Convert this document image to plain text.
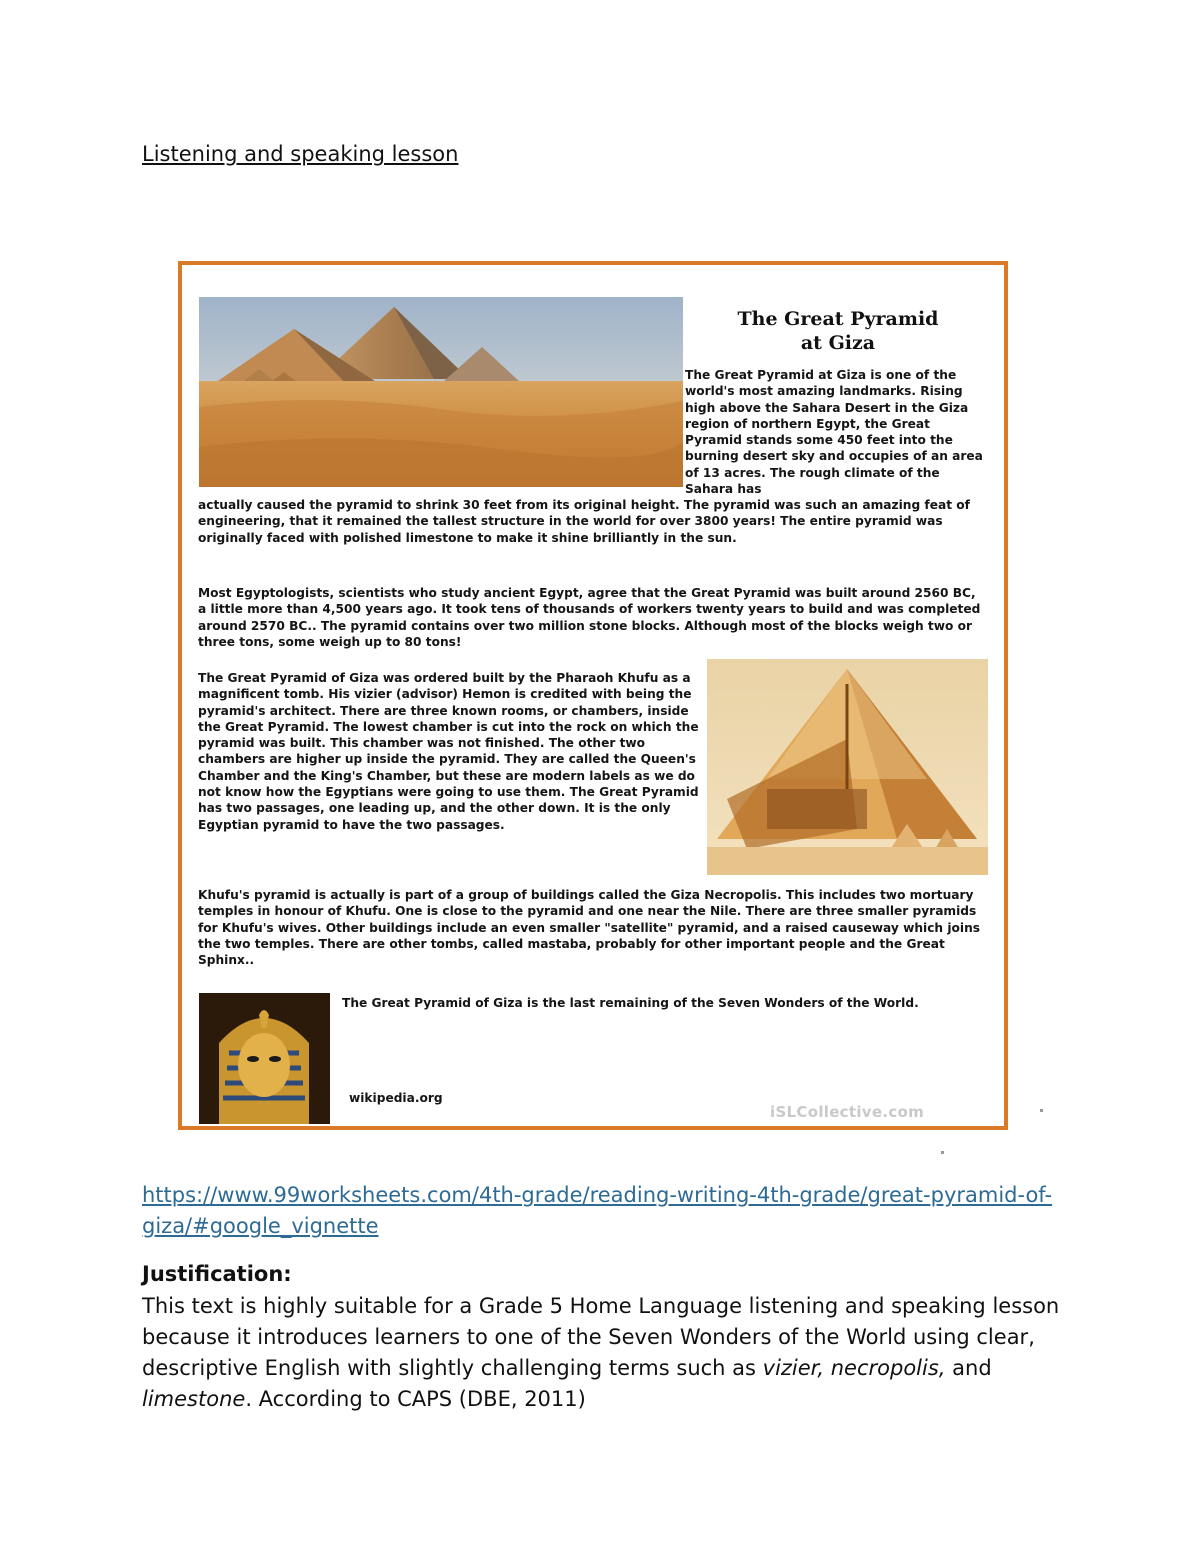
Listening and speaking lesson
The Great Pyramid
at Giza
The Great Pyramid at Giza is one of the world's most amazing landmarks. Rising high above the Sahara Desert in the Giza region of northern Egypt, the Great Pyramid stands some 450 feet into the burning desert sky and occupies of an area of 13 acres. The rough climate of the Sahara has
actually caused the pyramid to shrink 30 feet from its original height. The pyramid was such an amazing feat of engineering, that it remained the tallest structure in the world for over 3800 years! The entire pyramid was originally faced with polished limestone to make it shine brilliantly in the sun.
Most Egyptologists, scientists who study ancient Egypt, agree that the Great Pyramid was built around 2560 BC, a little more than 4,500 years ago. It took tens of thousands of workers twenty years to build and was completed around 2570 BC.. The pyramid contains over two million stone blocks. Although most of the blocks weigh two or three tons, some weigh up to 80 tons!
The Great Pyramid of Giza was ordered built by the Pharaoh Khufu as a magnificent tomb. His vizier (advisor) Hemon is credited with being the pyramid's architect. There are three known rooms, or chambers, inside the Great Pyramid. The lowest chamber is cut into the rock on which the pyramid was built. This chamber was not finished. The other two chambers are higher up inside the pyramid. They are called the Queen's Chamber and the King's Chamber, but these are modern labels as we do not know how the Egyptians were going to use them. The Great Pyramid has two passages, one leading up, and the other down. It is the only Egyptian pyramid to have the two passages.
Khufu's pyramid is actually is part of a group of buildings called the Giza Necropolis. This includes two mortuary temples in honour of Khufu. One is close to the pyramid and one near the Nile. There are three smaller pyramids for Khufu's wives. Other buildings include an even smaller "satellite" pyramid, and a raised causeway which joins the two temples. There are other tombs, called mastaba, probably for other important people and the Great Sphinx..
The Great Pyramid of Giza is the last remaining of the Seven Wonders of the World.
wikipedia.org
iSLCollective.com
https://www.99worksheets.com/4th-grade/reading-writing-4th-grade/great-pyramid-of-giza/#google_vignette
Justification:
This text is highly suitable for a Grade 5 Home Language listening and speaking lesson because it introduces learners to one of the Seven Wonders of the World using clear, descriptive English with slightly challenging terms such as vizier, necropolis, and limestone. According to CAPS (DBE, 2011)
